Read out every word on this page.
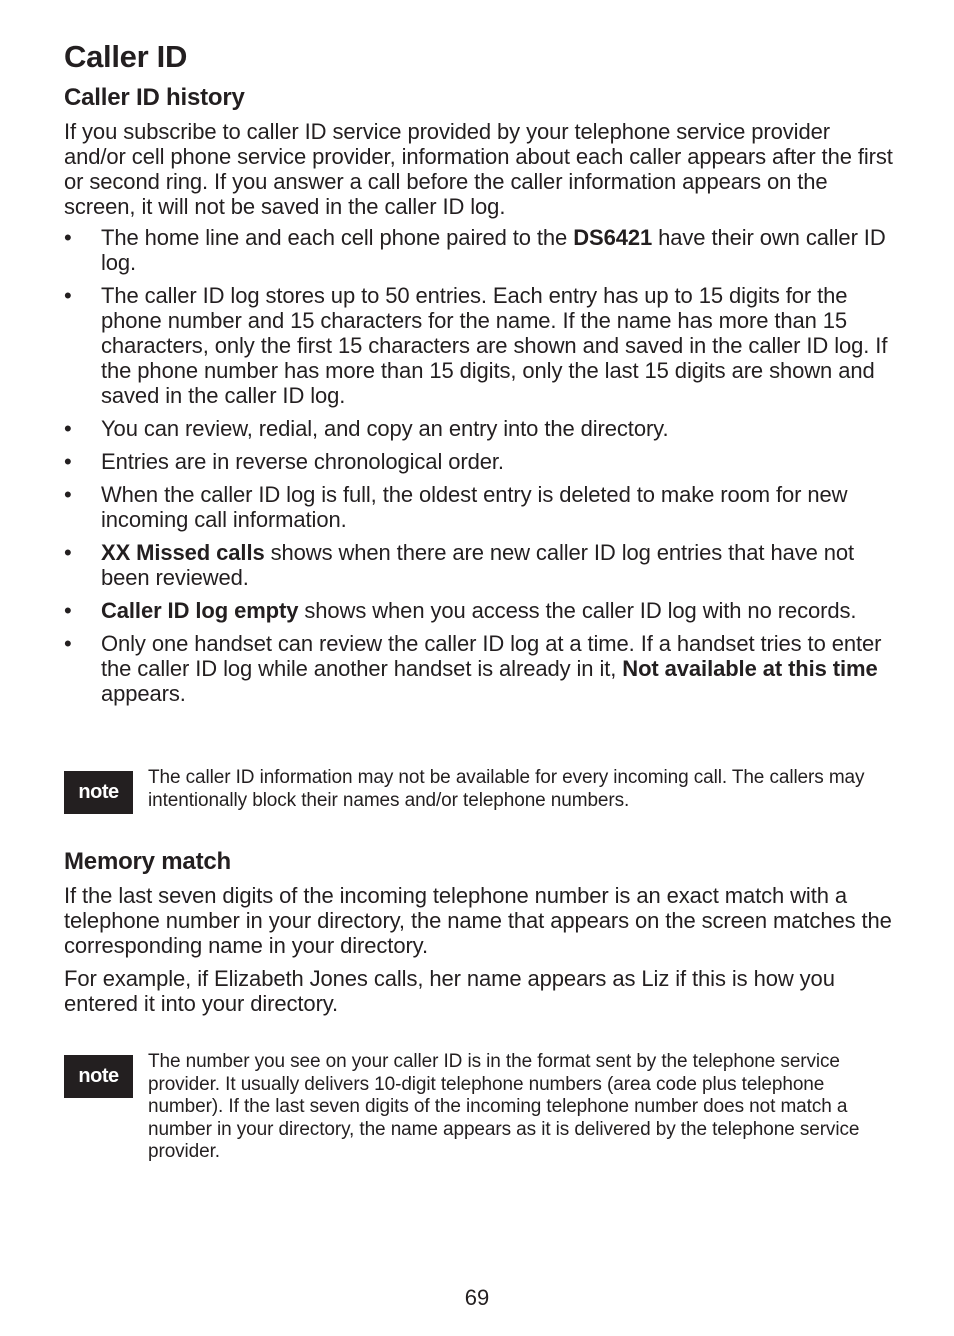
Caller ID
Caller ID history

If you subscribe to caller ID service provided by your telephone service provider and/or cell phone service provider, information about each caller appears after the first or second ring. If you answer a call before the caller information appears on the screen, it will not be saved in the caller ID log.

• The home line and each cell phone paired to the DS6421 have their own caller ID log.
• The caller ID log stores up to 50 entries. Each entry has up to 15 digits for the phone number and 15 characters for the name. If the name has more than 15 characters, only the first 15 characters are shown and saved in the caller ID log. If the phone number has more than 15 digits, only the last 15 digits are shown and saved in the caller ID log.
• You can review, redial, and copy an entry into the directory.
• Entries are in reverse chronological order.
• When the caller ID log is full, the oldest entry is deleted to make room for new incoming call information.
• XX Missed calls shows when there are new caller ID log entries that have not been reviewed.
• Caller ID log empty shows when you access the caller ID log with no records.
• Only one handset can review the caller ID log at a time. If a handset tries to enter the caller ID log while another handset is already in it, Not available at this time appears.
note

The caller ID information may not be available for every incoming call. The callers may intentionally block their names and/or telephone numbers.

Memory match

If the last seven digits of the incoming telephone number is an exact match with a telephone number in your directory, the name that appears on the screen matches the corresponding name in your directory.

For example, if Elizabeth Jones calls, her name appears as Liz if this is how you entered it into your directory.

note

The number you see on your caller ID is in the format sent by the telephone service provider. It usually delivers 10-digit telephone numbers (area code plus telephone number). If the last seven digits of the incoming telephone number does not match a number in your directory, the name appears as it is delivered by the telephone service provider.

69
